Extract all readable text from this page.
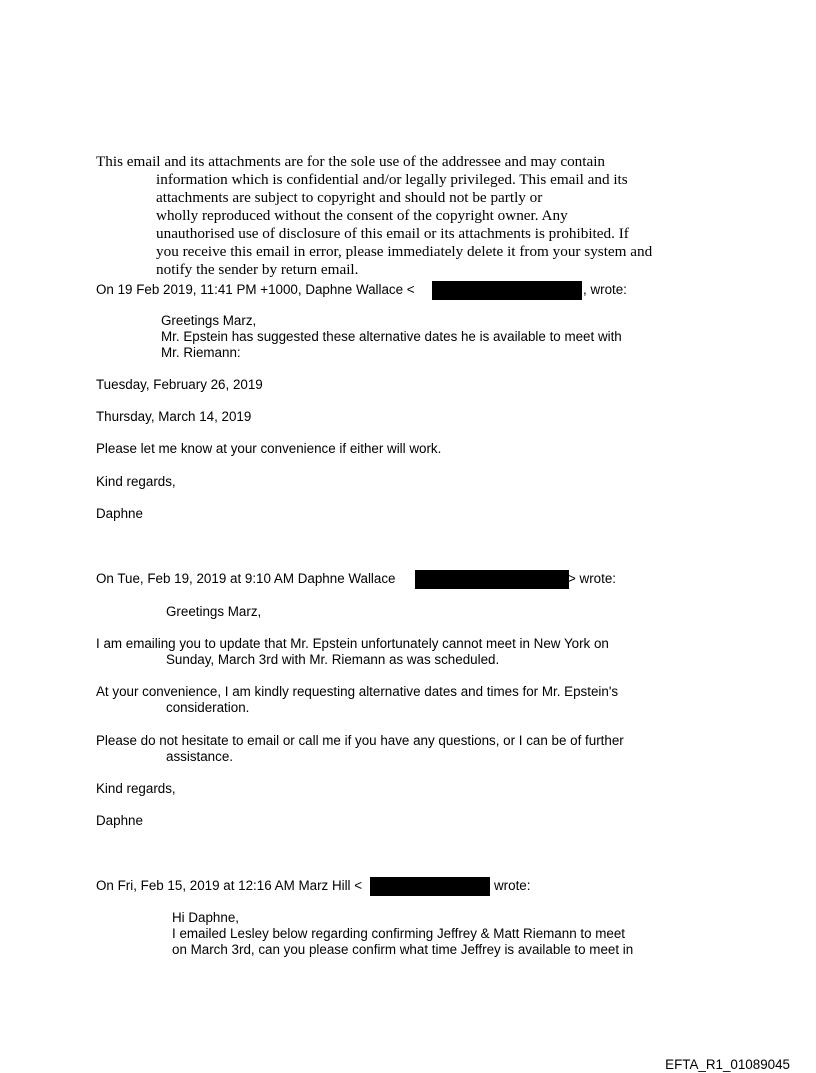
This email and its attachments are for the sole use of the addressee and may contain
information which is confidential and/or legally privileged. This email and its
attachments are subject to copyright and should not be partly or
wholly reproduced without the consent of the copyright owner. Any
unauthorised use of disclosure of this email or its attachments is prohibited. If
you receive this email in error, please immediately delete it from your system and
notify the sender by return email.
On 19 Feb 2019, 11:41 PM +1000, Daphne Wallace <	, wrote:
Greetings Marz,
Mr. Epstein has suggested these alternative dates he is available to meet with
Mr. Riemann:
Tuesday, February 26, 2019
Thursday, March 14, 2019
Please let me know at your convenience if either will work.
Kind regards,
Daphne
On Tue, Feb 19, 2019 at 9:10 AM Daphne Wallace	> wrote:
Greetings Marz,
I am emailing you to update that Mr. Epstein unfortunately cannot meet in New York on
Sunday, March 3rd with Mr. Riemann as was scheduled.
At your convenience, I am kindly requesting alternative dates and times for Mr. Epstein's
consideration.
Please do not hesitate to email or call me if you have any questions, or I can be of further
assistance.
Kind regards,
Daphne
On Fri, Feb 15, 2019 at 12:16 AM Marz Hill <	wrote:
Hi Daphne,
I emailed Lesley below regarding confirming Jeffrey & Matt Riemann to meet
on March 3rd, can you please confirm what time Jeffrey is available to meet in
EFTA_R1_01089045
